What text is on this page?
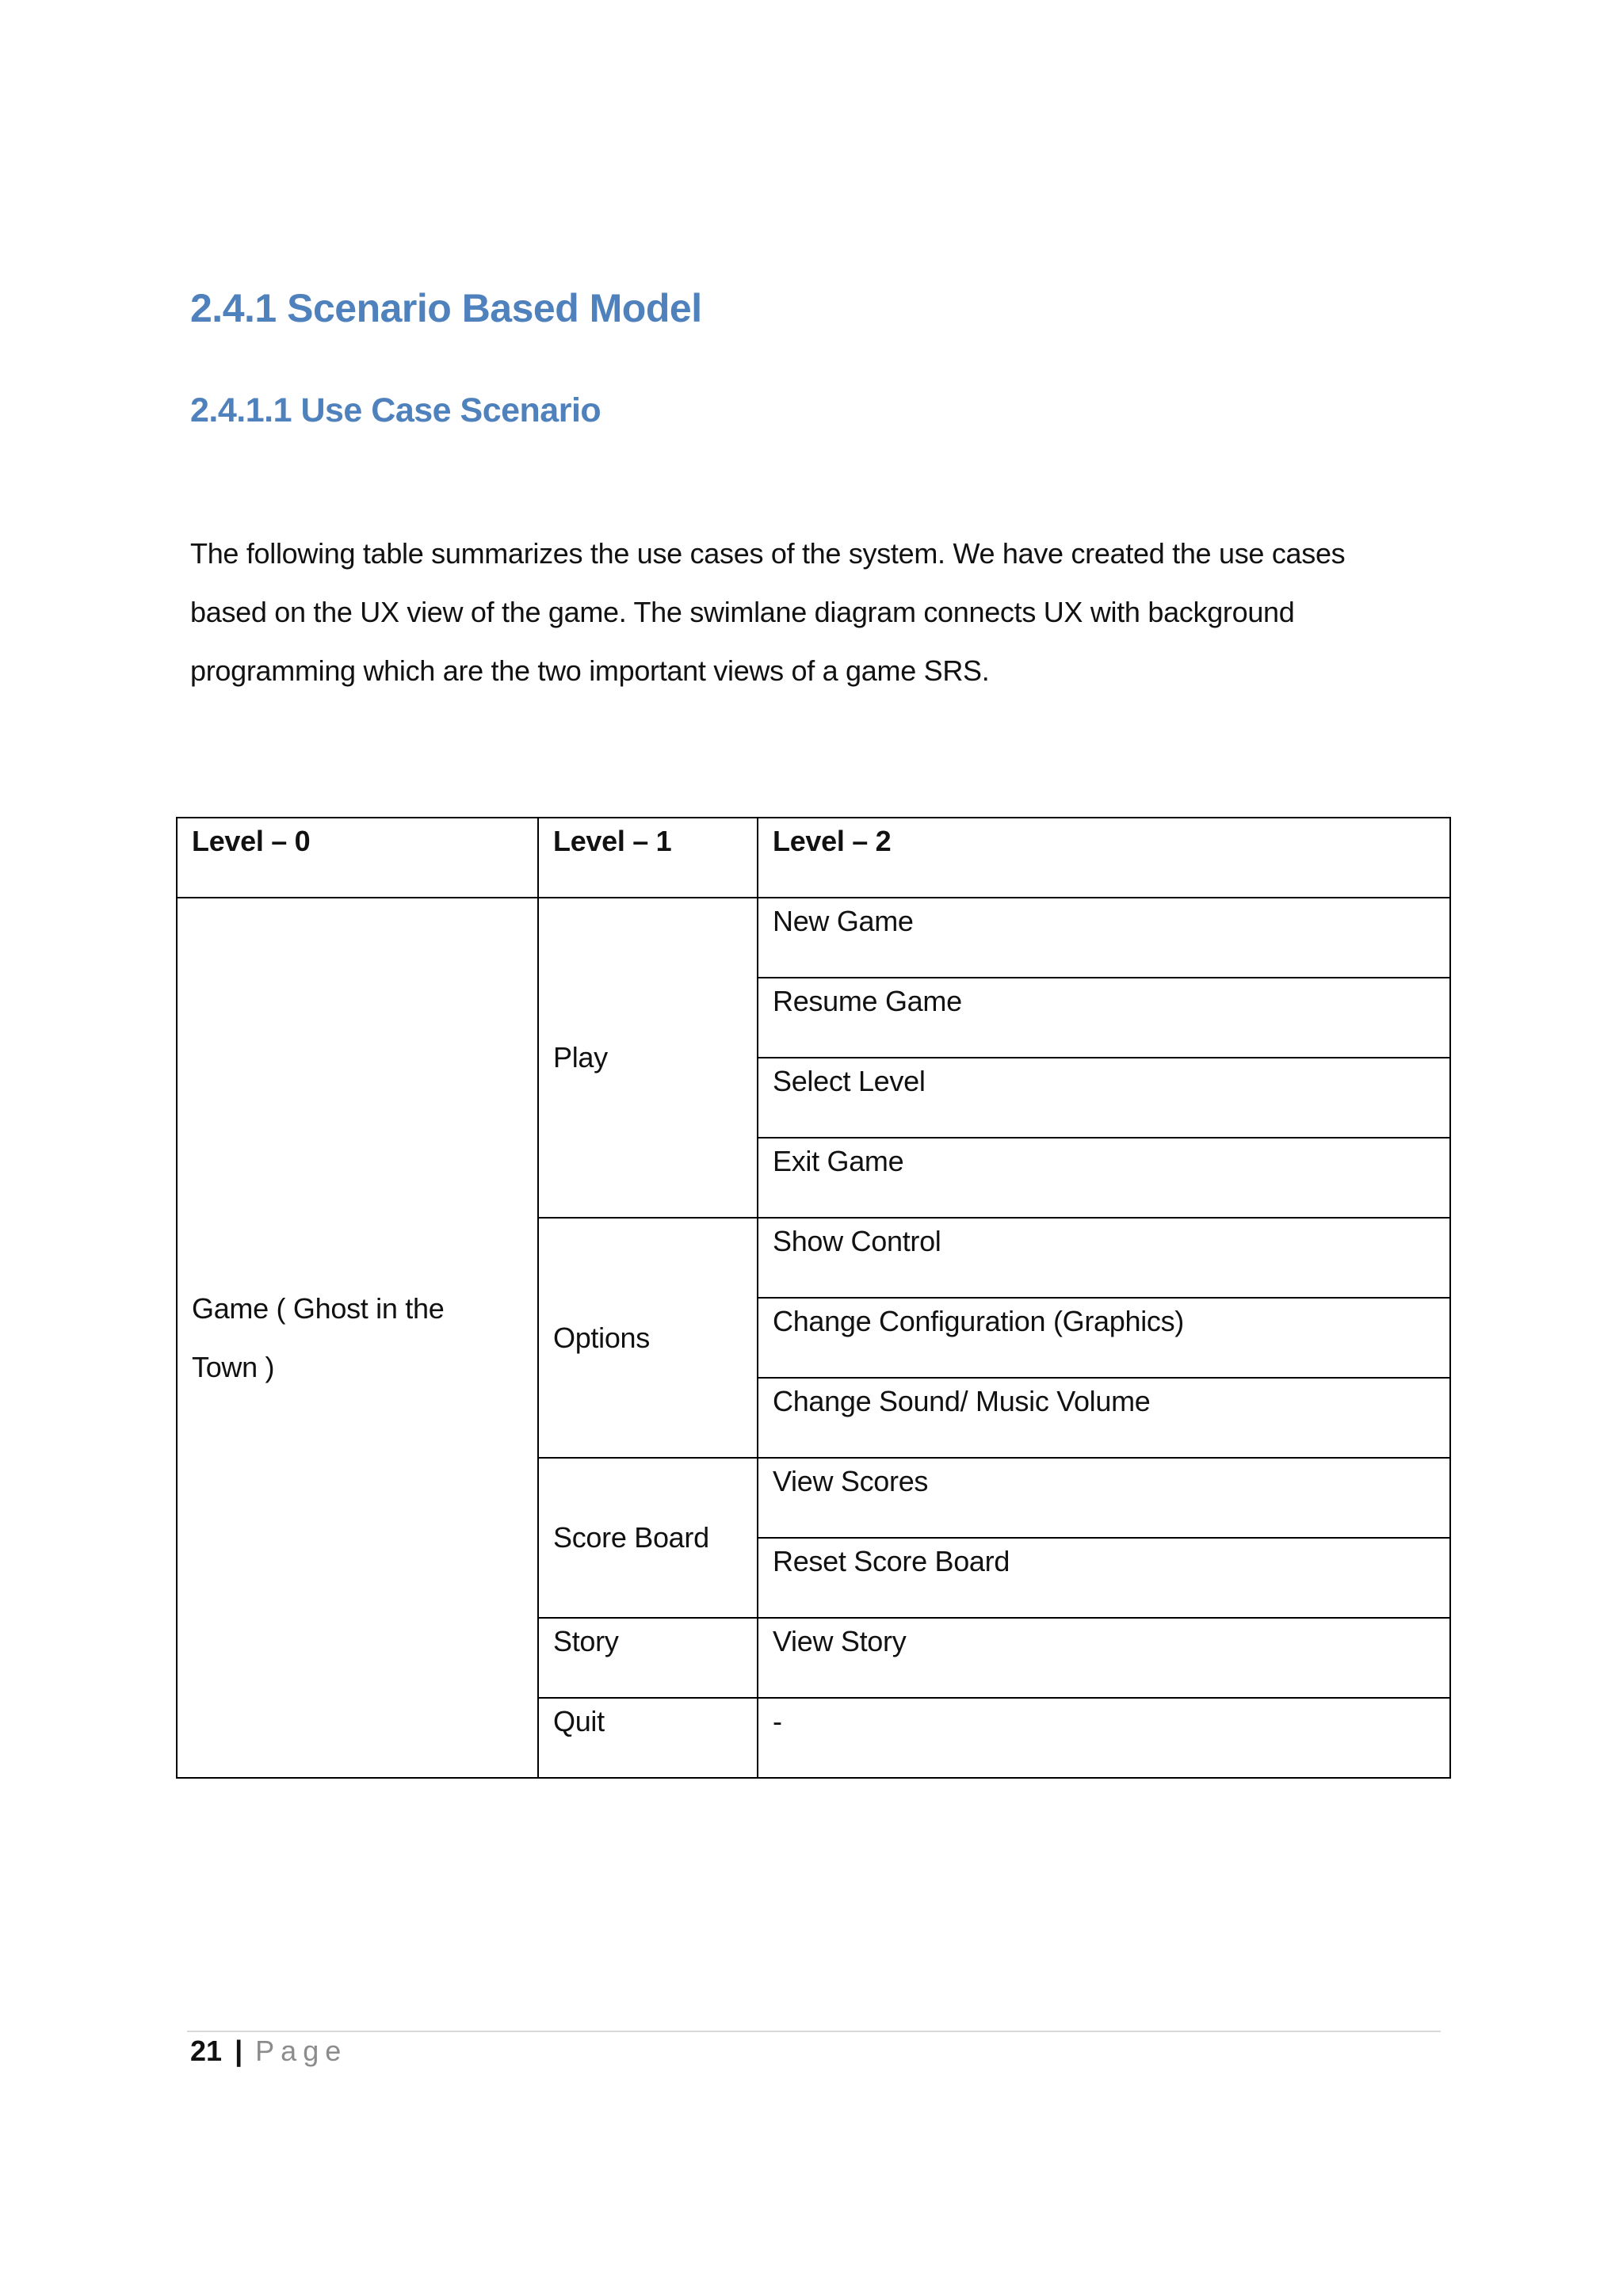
2.4.1 Scenario Based Model
2.4.1.1 Use Case Scenario
The following table summarizes the use cases of the system. We have created the use cases
based on the UX view of the game. The swimlane diagram connects UX with background
programming which are the two important views of a game SRS.
Level – 0	Level – 1	Level – 2
Game ( Ghost in the
Town )	Play	New Game
		Resume Game
		Select Level
		Exit Game
	Options	Show Control
		Change Configuration (Graphics)
		Change Sound/ Music Volume
	Score Board	View Scores
		Reset Score Board
	Story	View Story
	Quit	-
21 | Page
